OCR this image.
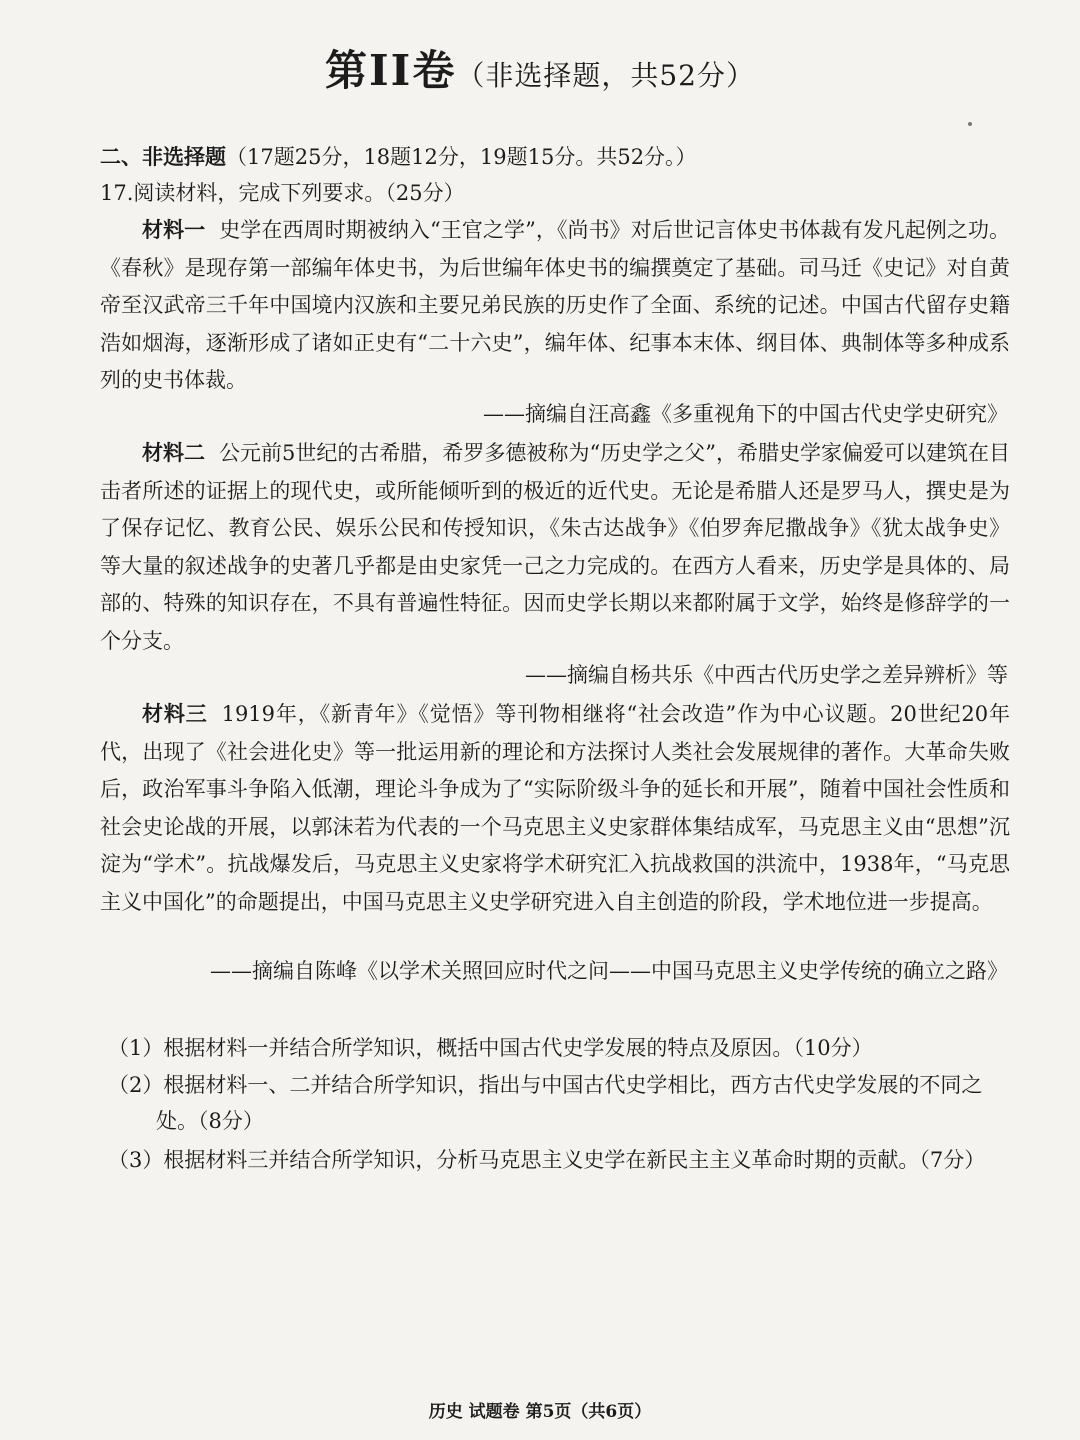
第II卷（非选择题，共52分）
二、非选择题（17题25分，18题12分，19题15分。共52分。）
17.阅读材料，完成下列要求。（25分）
材料一 史学在西周时期被纳入“王官之学”，《尚书》对后世记言体史书体裁有发凡起例之功。《春秋》是现存第一部编年体史书，为后世编年体史书的编撰奠定了基础。司马迁《史记》对自黄帝至汉武帝三千年中国境内汉族和主要兄弟民族的历史作了全面、系统的记述。中国古代留存史籍浩如烟海，逐渐形成了诸如正史有“二十六史”，编年体、纪事本末体、纲目体、典制体等多种成系列的史书体裁。
——摘编自汪高鑫《多重视角下的中国古代史学史研究》
材料二 公元前5世纪的古希腊，希罗多德被称为“历史学之父”，希腊史学家偏爱可以建筑在目击者所述的证据上的现代史，或所能倾听到的极近的近代史。无论是希腊人还是罗马人，撰史是为了保存记忆、教育公民、娱乐公民和传授知识，《朱古达战争》《伯罗奔尼撒战争》《犹太战争史》等大量的叙述战争的史著几乎都是由史家凭一己之力完成的。在西方人看来，历史学是具体的、局部的、特殊的知识存在，不具有普遍性特征。因而史学长期以来都附属于文学，始终是修辞学的一个分支。
——摘编自杨共乐《中西古代历史学之差异辨析》等
材料三 1919年，《新青年》《觉悟》等刊物相继将“社会改造”作为中心议题。20世纪20年代，出现了《社会进化史》等一批运用新的理论和方法探讨人类社会发展规律的著作。大革命失败后，政治军事斗争陷入低潮，理论斗争成为了“实际阶级斗争的延长和开展”，随着中国社会性质和社会史论战的开展，以郭沫若为代表的一个马克思主义史家群体集结成军，马克思主义由“思想”沉淀为“学术”。抗战爆发后，马克思主义史家将学术研究汇入抗战救国的洪流中，1938年，“马克思主义中国化”的命题提出，中国马克思主义史学研究进入自主创造的阶段，学术地位进一步提高。
——摘编自陈峰《以学术关照回应时代之问——中国马克思主义史学传统的确立之路》
（1）根据材料一并结合所学知识，概括中国古代史学发展的特点及原因。（10分）
（2）根据材料一、二并结合所学知识，指出与中国古代史学相比，西方古代史学发展的不同之处。（8分）
（3）根据材料三并结合所学知识，分析马克思主义史学在新民主主义革命时期的贡献。（7分）
历史 试题卷 第5页（共6页）
